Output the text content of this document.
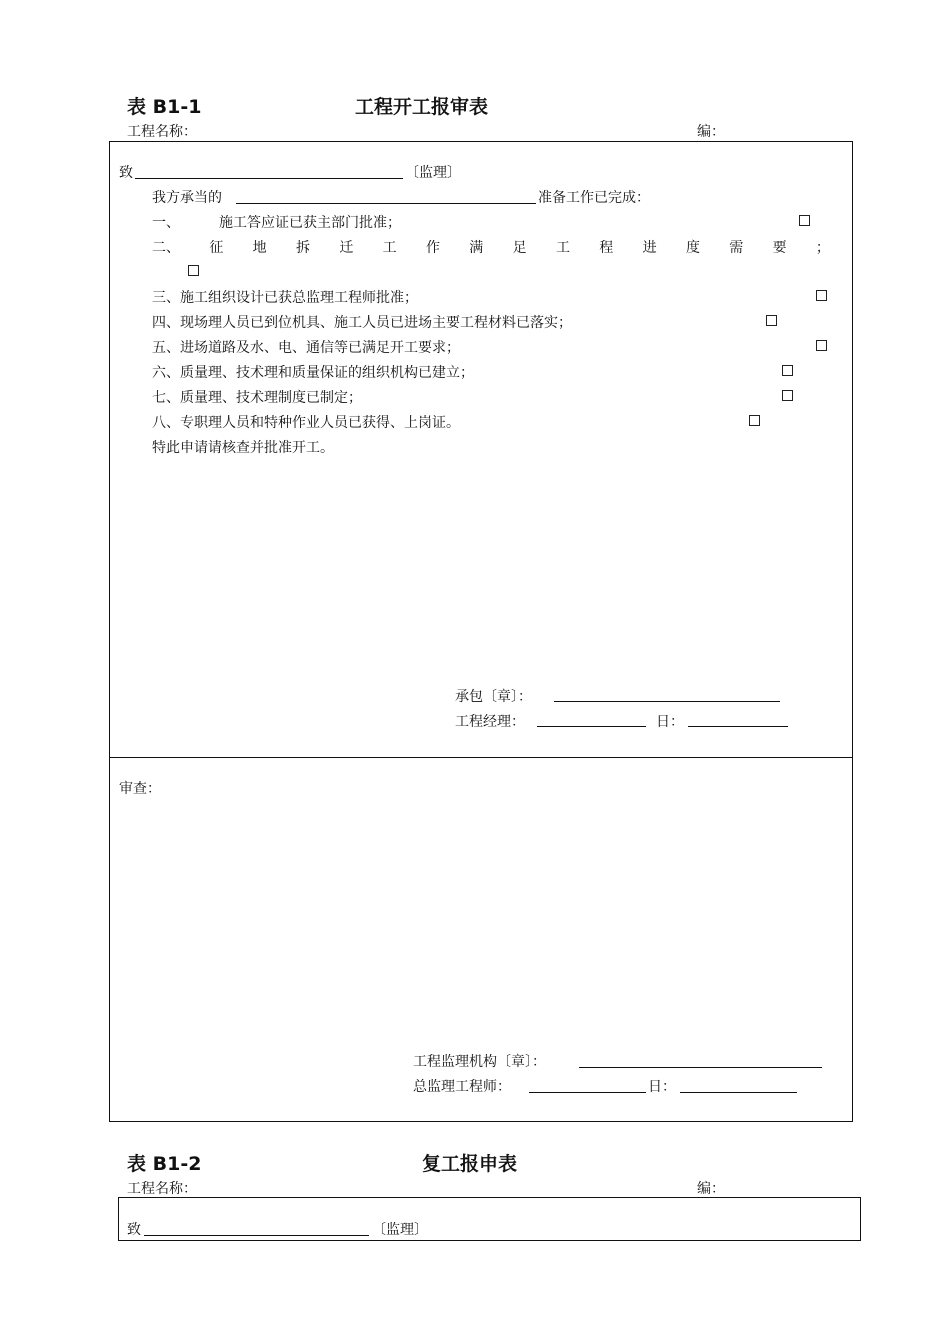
表 B1-1	工程开工报审表
工程名称：	编：
致	〔监理〕
我方承当的	准备工作已完成：
一、	施工答应证已获主部门批准；
二、 征 地 拆 迁 工 作 满 足 工 程 进 度 需 要 ；
三、施工组织设计已获总监理工程师批准；
四、现场理人员已到位机具、施工人员已进场主要工程材料已落实；
五、进场道路及水、电、通信等已满足开工要求；
六、质量理、技术理和质量保证的组织机构已建立；
七、质量理、技术理制度已制定；
八、专职理人员和特种作业人员已获得、上岗证。
特此申请请核查并批准开工。
承包〔章〕：
工程经理：	日：
审查：
工程监理机构〔章〕：
总监理工程师：	日：
表 B1-2	复工报申表
工程名称：	编：
致	〔监理〕
